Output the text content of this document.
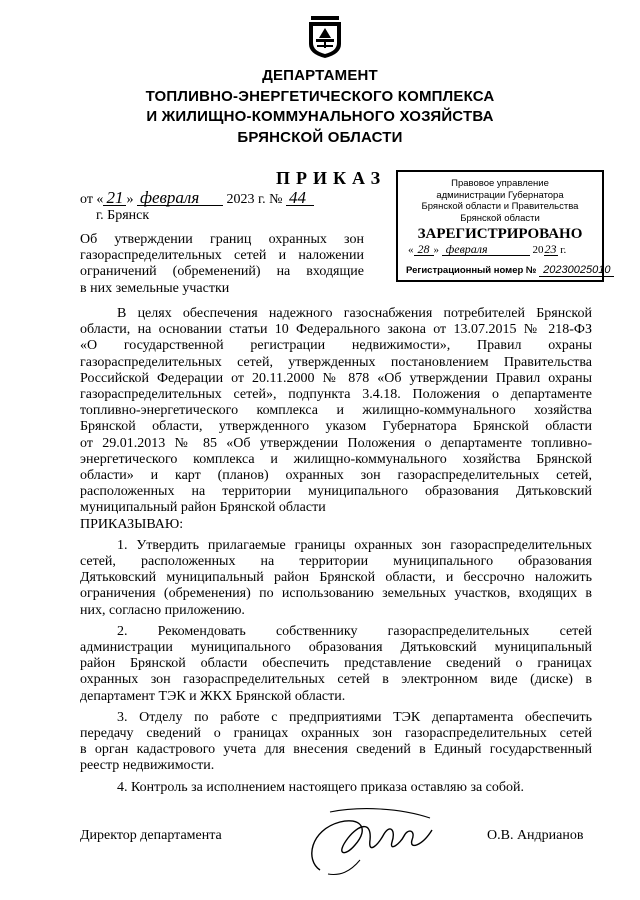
ДЕПАРТАМЕНТ
ТОПЛИВНО-ЭНЕРГЕТИЧЕСКОГО КОМПЛЕКСА
И ЖИЛИЩНО-КОММУНАЛЬНОГО ХОЗЯЙСТВА
БРЯНСКОЙ ОБЛАСТИ
ПРИКАЗ
от « 21 » февраля 2023 г. № 44
г. Брянск
Об утверждении границ охранных зон
газораспределительных сетей и наложении
ограничений (обременений) на входящие
в них земельные участки
Правовое управление
администрации Губернатора
Брянской области и Правительства
Брянской области
ЗАРЕГИСТРИРОВАНО
« 28 » февраля	2023 г.
Регистрационный номер № 20230025010
В целях обеспечения надежного газоснабжения потребителей Брянской
области, на основании статьи 10 Федерального закона от 13.07.2015 № 218-ФЗ
«О государственной регистрации недвижимости», Правил охраны
газораспределительных сетей, утвержденных постановлением Правительства
Российской Федерации от 20.11.2000 № 878 «Об утверждении Правил охраны
газораспределительных сетей», подпункта 3.4.18. Положения о департаменте
топливно-энергетического комплекса и жилищно-коммунального хозяйства
Брянской области, утвержденного указом Губернатора Брянской области
от 29.01.2013 № 85 «Об утверждении Положения о департаменте топливно-
энергетического комплекса и жилищно-коммунального хозяйства Брянской
области» и карт (планов) охранных зон газораспределительных сетей,
расположенных на территории муниципального образования Дятьковский
муниципальный район Брянской области
ПРИКАЗЫВАЮ:
1. Утвердить прилагаемые границы охранных зон газораспределительных
сетей, расположенных на территории муниципального образования
Дятьковский муниципальный район Брянской области, и бессрочно наложить
ограничения (обременения) по использованию земельных участков, входящих в
них, согласно приложению.
2. Рекомендовать собственнику газораспределительных сетей
администрации муниципального образования Дятьковский муниципальный
район Брянской области обеспечить представление сведений о границах
охранных зон газораспределительных сетей в электронном виде (диске) в
департамент ТЭК и ЖКХ Брянской области.
3. Отделу по работе с предприятиями ТЭК департамента обеспечить
передачу сведений о границах охранных зон газораспределительных сетей
в орган кадастрового учета для внесения сведений в Единый государственный
реестр недвижимости.
4. Контроль за исполнением настоящего приказа оставляю за собой.
Директор департамента	О.В. Андрианов
